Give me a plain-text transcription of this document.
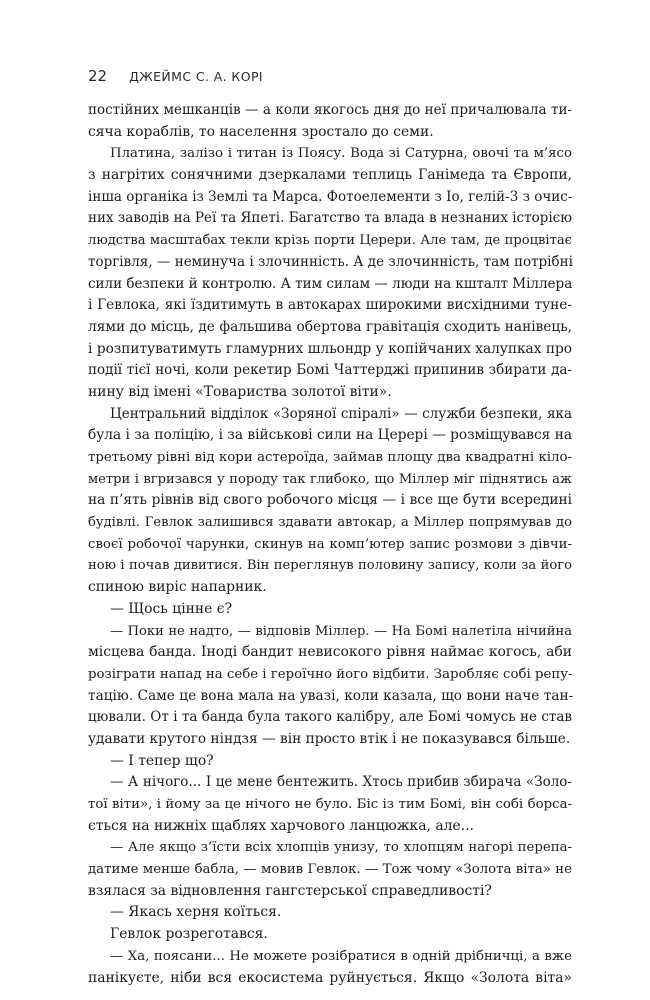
22 ДЖЕЙМС С. А. КОРІ
постійних мешканців — а коли якогось дня до неї причалювала ти-
сяча кораблів, то населення зростало до семи.
Платина, залізо і титан із Поясу. Вода зі Сатурна, овочі та м’ясо
з нагрітих сонячними дзеркалами теплиць Ганімеда та Європи,
інша органіка із Землі та Марса. Фотоелементи з Іо, гелій-3 з очис-
них заводів на Реї та Япеті. Багатство та влада в незнаних історією
людства масштабах текли крізь порти Церери. Але там, де процвітає
торгівля, — неминуча і злочинність. А де злочинність, там потрібні
сили безпеки й контролю. А тим силам — люди на кшталт Міллера
і Гевлока, які їздитимуть в автокарах широкими висхідними туне-
лями до місць, де фальшива обертова гравітація сходить нанівець,
і розпитуватимуть гламурних шльондр у копійчаних халупках про
події тієї ночі, коли рекетир Бомі Чаттерджі припинив збирати да-
нину від імені «Товариства золотої віти».
Центральний відділок «Зоряної спіралі» — служби безпеки, яка
була і за поліцію, і за військові сили на Церері — розміщувався на
третьому рівні від кори астероїда, займав площу два квадратні кіло-
метри і вгризався у породу так глибоко, що Міллер міг піднятись аж
на п’ять рівнів від свого робочого місця — і все ще бути всередині
будівлі. Гевлок залишився здавати автокар, а Міллер попрямував до
своєї робочої чарунки, скинув на комп’ютер запис розмови з дівчи-
ною і почав дивитися. Він переглянув половину запису, коли за його
спиною виріс напарник.
— Щось цінне є?
— Поки не надто, — відповів Міллер. — На Бомі налетіла нічийна
місцева банда. Іноді бандит невисокого рівня наймає когось, аби
розіграти напад на себе і героїчно його відбити. Заробляє собі репу-
тацію. Саме це вона мала на увазі, коли казала, що вони наче тан-
цювали. От і та банда була такого калібру, але Бомі чомусь не став
удавати крутого ніндзя — він просто втік і не показувався більше.
— І тепер що?
— А нічого... І це мене бентежить. Хтось прибив збирача «Золо-
тої віти», і йому за це нічого не було. Біс із тим Бомі, він собі борса-
ється на нижніх щаблях харчового ланцюжка, але...
— Але якщо з’їсти всіх хлопців унизу, то хлопцям нагорі перепа-
датиме менше бабла, — мовив Гевлок. — Тож чому «Золота віта» не
взялася за відновлення гангстерської справедливості?
— Якась херня коїться.
Гевлок розреготався.
— Ха, поясани... Не можете розібратися в одній дрібничці, а вже
панікуєте, ніби вся екосистема руйнується. Якщо «Золота віта»
